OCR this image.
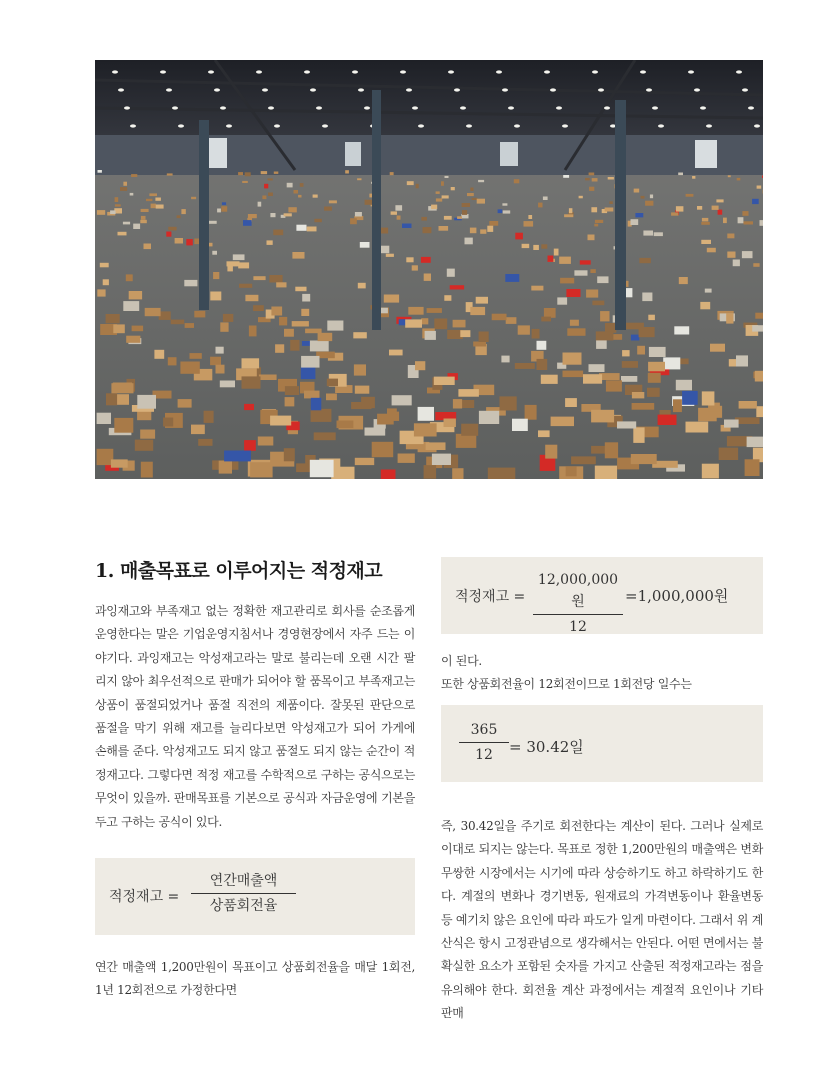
1. 매출목표로 이루어지는 적정재고

과잉재고와 부족재고 없는 정확한 재고관리로 회사를 순조롭게 운영한다는 말은 기업운영지침서나 경영현장에서 자주 드는 이야기다. 과잉재고는 악성재고라는 말로 불리는데 오랜 시간 팔리지 않아 최우선적으로 판매가 되어야 할 품목이고 부족재고는 상품이 품절되었거나 품절 직전의 제품이다. 잘못된 판단으로 품절을 막기 위해 재고를 늘리다보면 악성재고가 되어 가게에 손해를 준다. 악성재고도 되지 않고 품절도 되지 않는 순간이 적정재고다. 그렇다면 적정 재고를 수학적으로 구하는 공식으로는 무엇이 있을까. 판매목표를 기본으로 공식과 자금운영에 기본을 두고 구하는 공식이 있다.

적정재고 =
연간매출액
상품회전율

연간 매출액 1,200만원이 목표이고 상품회전율을 매달 1회전, 1년 12회전으로 가정한다면

적정재고 =
12,000,000원
12
=1,000,000원
이 된다.
또한 상품회전율이 12회전이므로 1회전당 일수는
365
12	= 30.42일

즉, 30.42일을 주기로 회전한다는 계산이 된다. 그러나 실제로 이대로 되지는 않는다. 목표로 정한 1,200만원의 매출액은 변화무쌍한 시장에서는 시기에 따라 상승하기도 하고 하락하기도 한다. 계절의 변화나 경기변동, 원재료의 가격변동이나 환율변동 등 예기치 않은 요인에 따라 파도가 일게 마련이다. 그래서 위 계산식은 항시 고정관념으로 생각해서는 안된다. 어떤 면에서는 불확실한 요소가 포함된 숫자를 가지고 산출된 적정재고라는 점을 유의해야 한다. 회전율 계산 과정에서는 계절적 요인이나 기타 판매
